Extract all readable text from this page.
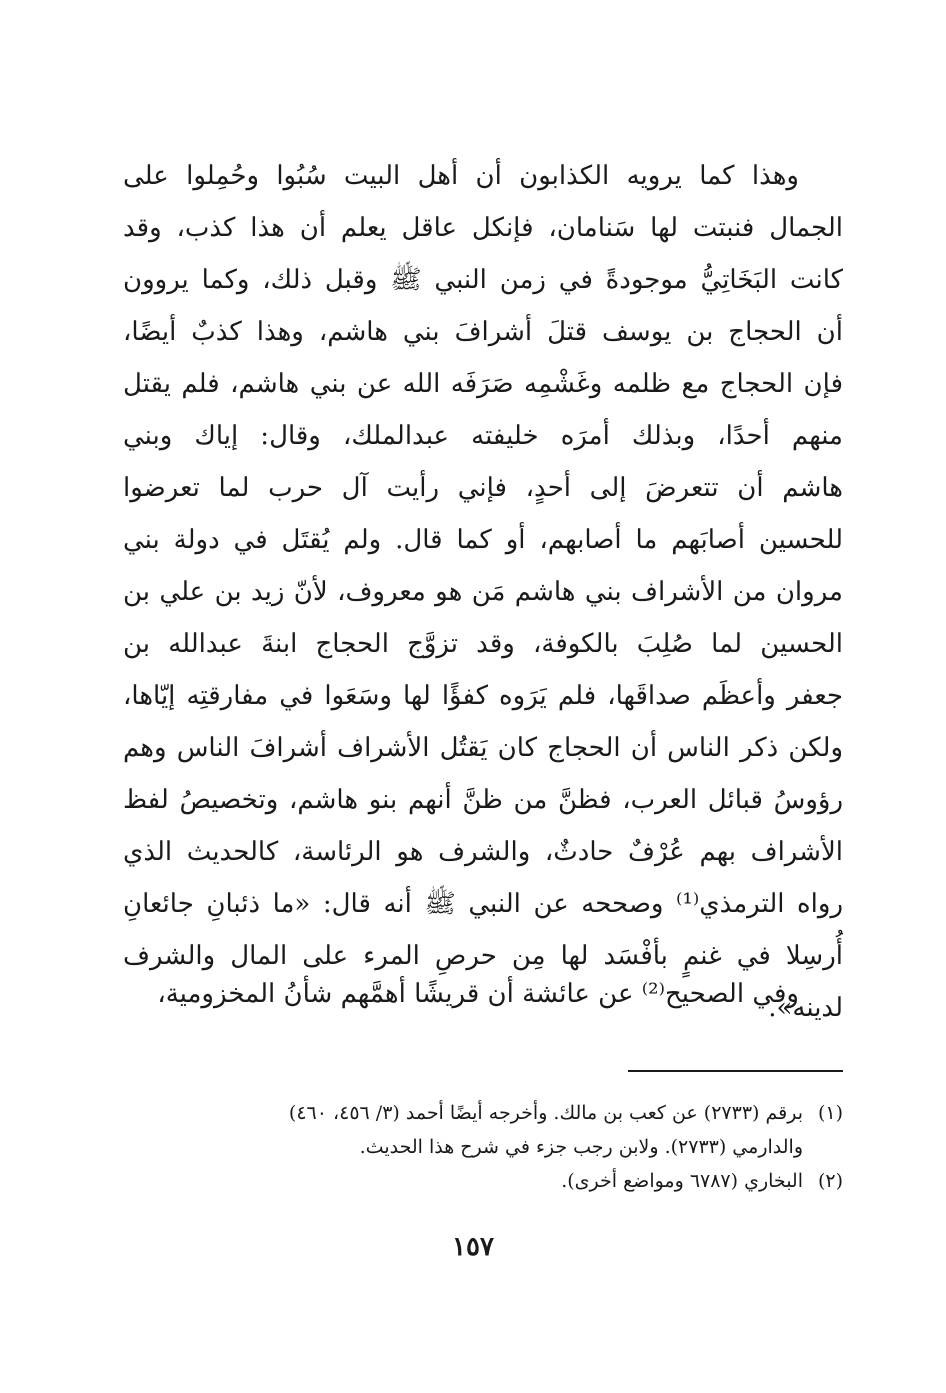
وهذا كما يرويه الكذابون أن أهل البيت سُبُوا وحُمِلوا على
الجمال فنبتت لها سَنامان، فإنكل عاقل يعلم أن هذا كذب، وقد
كانت البَخَاتِيُّ موجودةً في زمن النبي ﷺ وقبل ذلك، وكما يروون
أن الحجاج بن يوسف قتلَ أشرافَ بني هاشم، وهذا كذبٌ أيضًا،
فإن الحجاج مع ظلمه وغَشْمِه صَرَفَه الله عن بني هاشم، فلم يقتل
منهم أحدًا، وبذلك أمرَه خليفته عبدالملك، وقال: إياك وبني
هاشم أن تتعرضَ إلى أحدٍ، فإني رأيت آل حرب لما تعرضوا
للحسين أصابَهم ما أصابهم، أو كما قال. ولم يُقتَل في دولة بني
مروان من الأشراف بني هاشم مَن هو معروف، لأنّ زيد بن علي بن
الحسين لما صُلِبَ بالكوفة، وقد تزوَّج الحجاج ابنةَ عبدالله بن
جعفر وأعظَم صداقَها، فلم يَرَوه كفؤًا لها وسَعَوا في مفارقتِه إيّاها،
ولكن ذكر الناس أن الحجاج كان يَقتُل الأشراف أشرافَ الناس وهم
رؤوسُ قبائل العرب، فظنَّ من ظنَّ أنهم بنو هاشم، وتخصيصُ لفظ
الأشراف بهم عُرْفٌ حادثٌ، والشرف هو الرئاسة، كالحديث الذي
رواه الترمذي⁽¹⁾ وصححه عن النبي ﷺ أنه قال: «ما ذئبانِ جائعانِ
أُرسِلا في غنمٍ بأفْسَد لها مِن حرصِ المرء على المال والشرف
لدينه».
وفي الصحيح⁽²⁾ عن عائشة أن قريشًا أهمَّهم شأنُ المخزومية،
(١)برقم (٢٧٣٣) عن كعب بن مالك. وأخرجه أيضًا أحمد (٣/ ٤٥٦، ٤٦٠)
والدارمي (٢٧٣٣). ولابن رجب جزء في شرح هذا الحديث.
(٢)البخاري (٦٧٨٧ ومواضع أخرى).
١٥٧
